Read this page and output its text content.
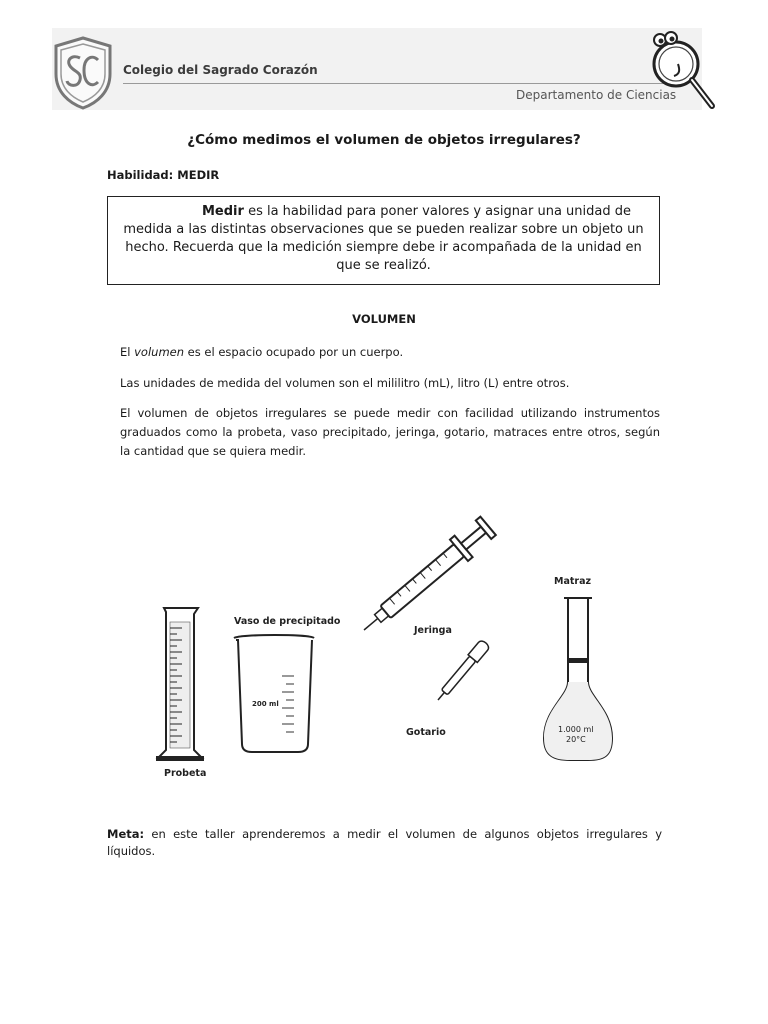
Colegio del Sagrado Corazón
Departamento de Ciencias
¿Cómo medimos el volumen de objetos irregulares?
Habilidad: MEDIR
Medir es la habilidad para poner valores y asignar una unidad de medida a las distintas observaciones que se pueden realizar sobre un objeto un hecho. Recuerda que la medición siempre debe ir acompañada de la unidad en que se realizó.
VOLUMEN
El volumen es el espacio ocupado por un cuerpo.
Las unidades de medida del volumen son el mililitro (mL), litro (L) entre otros.
El volumen de objetos irregulares se puede medir con facilidad utilizando instrumentos graduados como la probeta, vaso precipitado, jeringa, gotario, matraces entre otros, según la cantidad que se quiera medir.
Probeta
200 ml
Vaso de precipitado
Jeringa
Gotario	1.000 ml
20°C
Matraz
Meta: en este taller aprenderemos a medir el volumen de algunos objetos irregulares y líquidos.
